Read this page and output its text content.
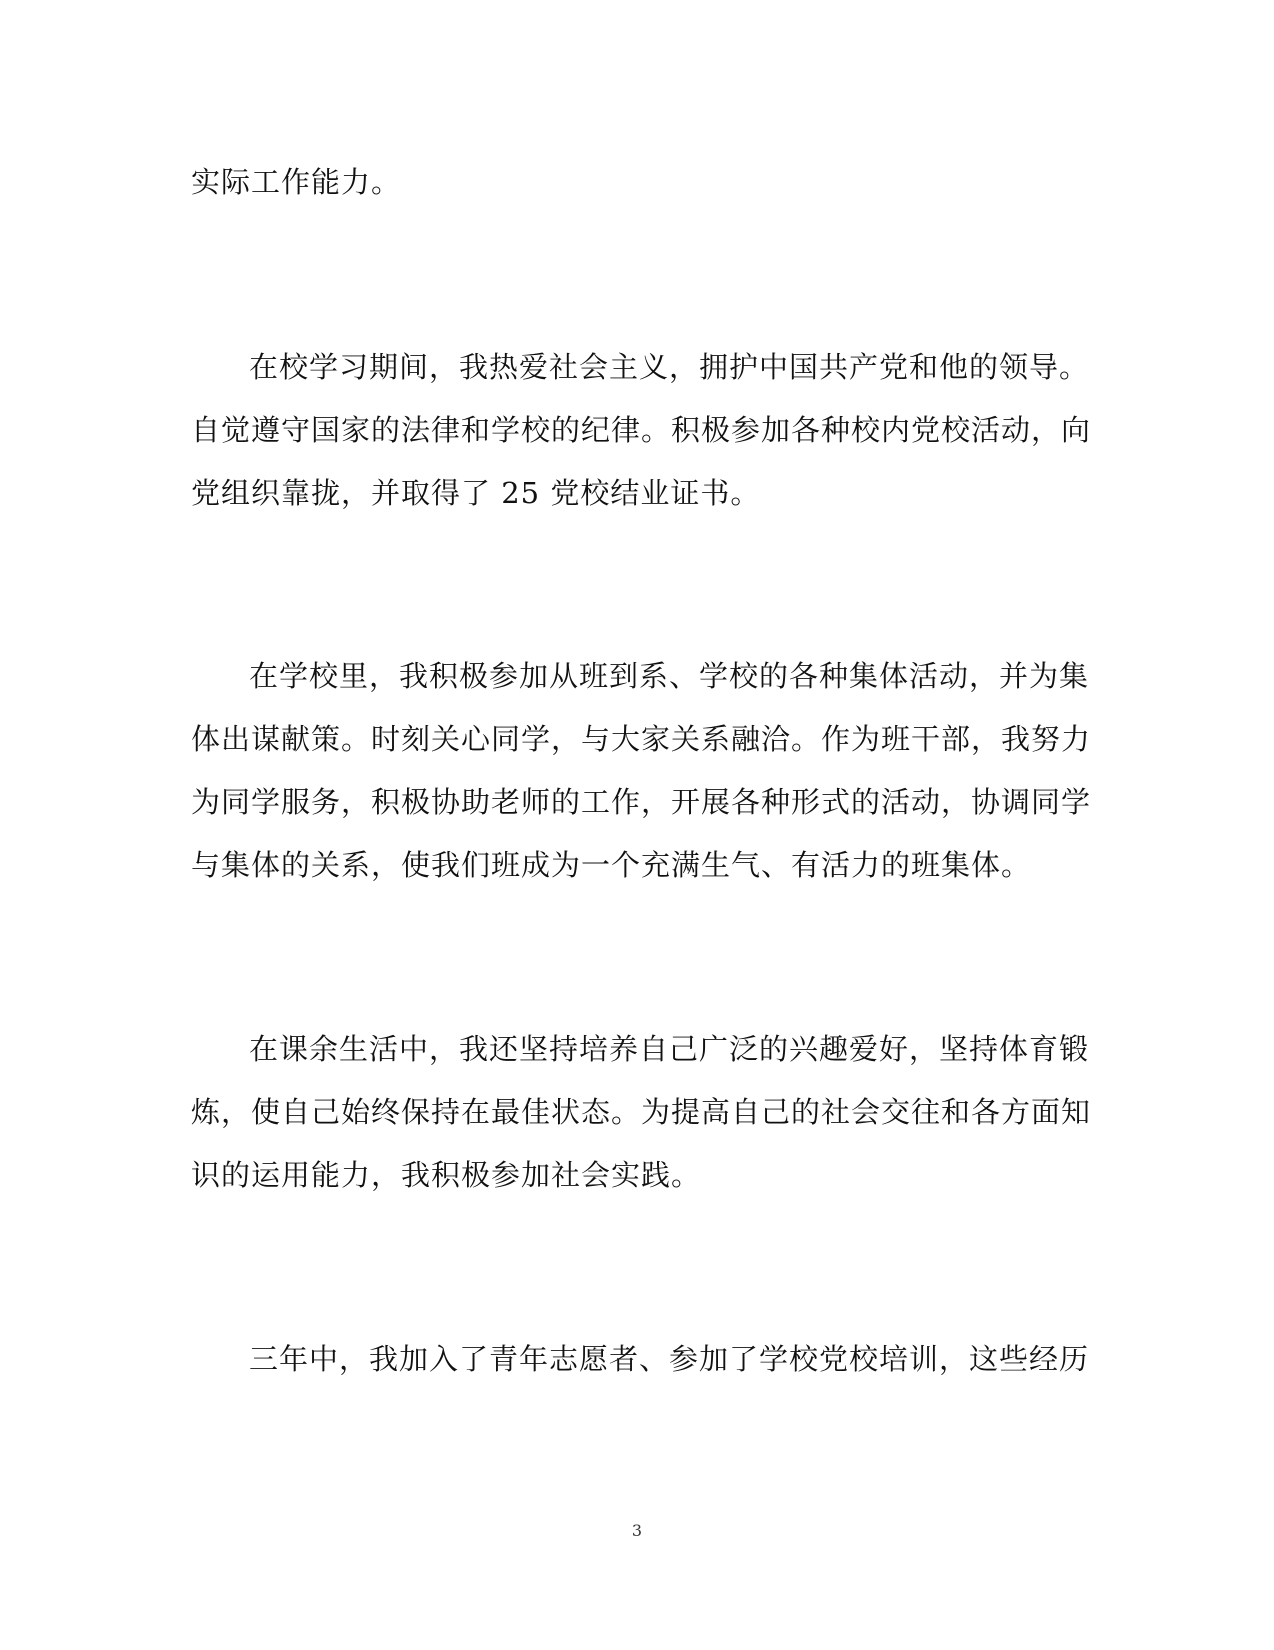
实际工作能力。
在校学习期间，我热爱社会主义，拥护中国共产党和他的领导。
自觉遵守国家的法律和学校的纪律。积极参加各种校内党校活动，向
党组织靠拢，并取得了 25 党校结业证书。
在学校里，我积极参加从班到系、学校的各种集体活动，并为集
体出谋献策。时刻关心同学，与大家关系融洽。作为班干部，我努力
为同学服务，积极协助老师的工作，开展各种形式的活动，协调同学
与集体的关系，使我们班成为一个充满生气、有活力的班集体。
在课余生活中，我还坚持培养自己广泛的兴趣爱好，坚持体育锻
炼，使自己始终保持在最佳状态。为提高自己的社会交往和各方面知
识的运用能力，我积极参加社会实践。
三年中，我加入了青年志愿者、参加了学校党校培训，这些经历
3
